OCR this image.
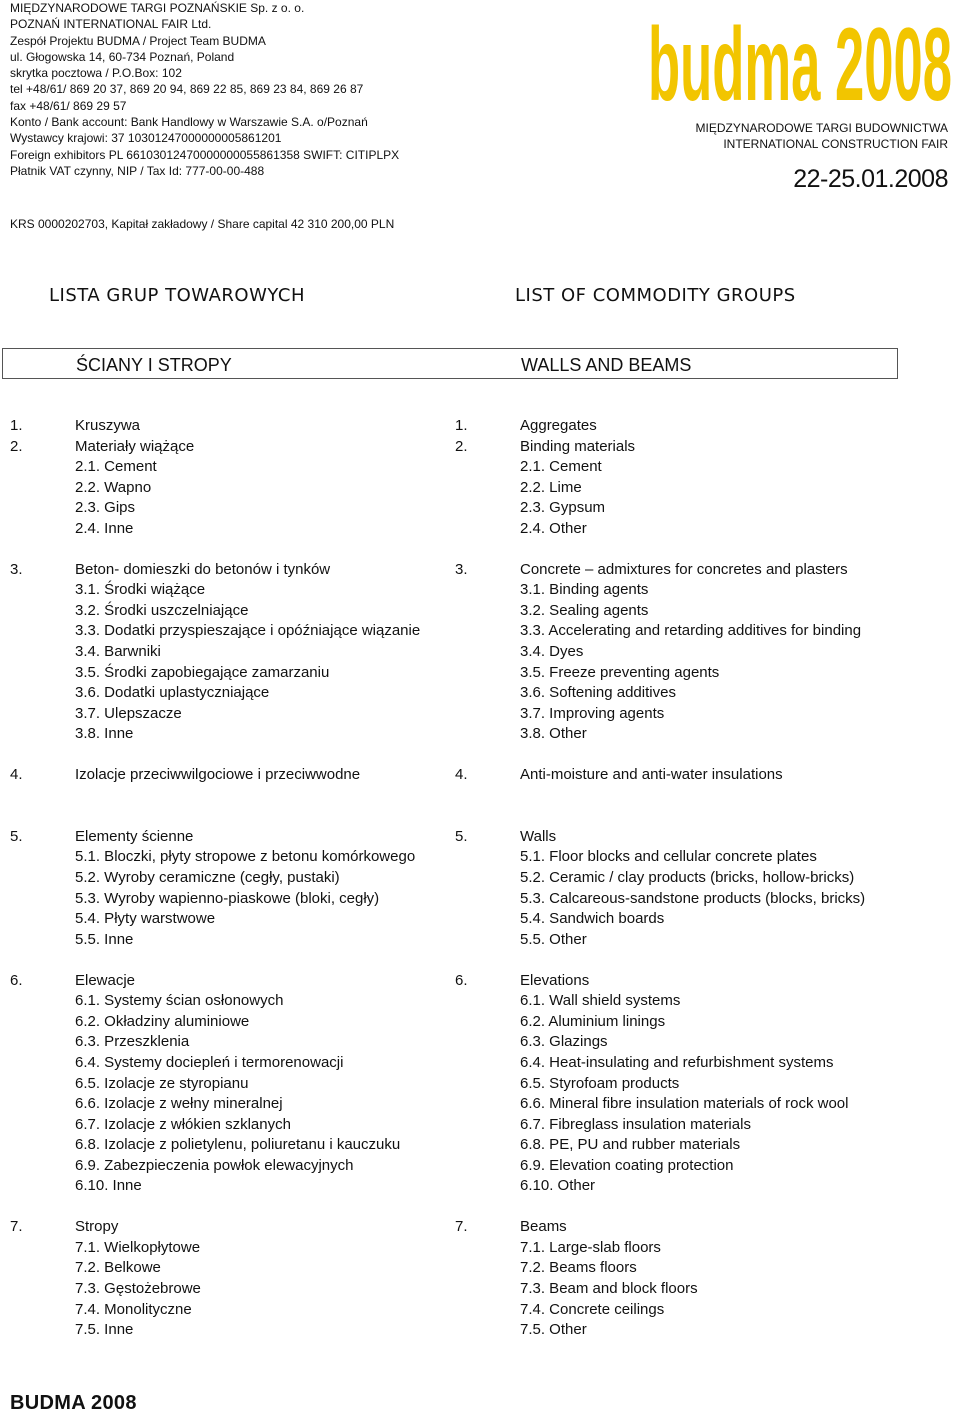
MIĘDZYNARODOWE TARGI POZNAŃSKIE Sp. z o. o.
POZNAŃ INTERNATIONAL FAIR Ltd.
Zespół Projektu BUDMA / Project Team BUDMA
ul. Głogowska 14, 60-734 Poznań, Poland
skrytka pocztowa / P.O.Box: 102
tel +48/61/ 869 20 37, 869 20 94, 869 22 85, 869 23 84, 869 26 87
fax +48/61/ 869 29 57
Konto / Bank account: Bank Handlowy w Warszawie S.A. o/Poznań
Wystawcy krajowi: 37 10301247000000005861201
Foreign exhibitors PL 66103012470000000055861358 SWIFT: CITIPLPX
Płatnik VAT czynny, NIP / Tax Id: 777-00-00-488
budma 2008
MIĘDZYNARODOWE TARGI BUDOWNICTWA
INTERNATIONAL CONSTRUCTION FAIR
22-25.01.2008
KRS 0000202703, Kapitał zakładowy / Share capital 42 310 200,00 PLN
LISTA GRUP TOWAROWYCH	LIST OF COMMODITY GROUPS
ŚCIANY I STROPY	WALLS AND BEAMS
1.	Kruszywa
2.	Materiały wiążące
2.1. Cement
2.2. Wapno
2.3. Gips
2.4. Inne
3.	Beton- domieszki do betonów i tynków
3.1. Środki wiążące
3.2. Środki uszczelniające
3.3. Dodatki przyspieszające i opóźniające wiązanie
3.4. Barwniki
3.5. Środki zapobiegające zamarzaniu
3.6. Dodatki uplastyczniające
3.7. Ulepszacze
3.8. Inne
4.	Izolacje przeciwwilgociowe i przeciwwodne
5.	Elementy ścienne
5.1. Bloczki, płyty stropowe z betonu komórkowego
5.2. Wyroby ceramiczne (cegły, pustaki)
5.3. Wyroby wapienno-piaskowe (bloki, cegły)
5.4. Płyty warstwowe
5.5. Inne
6.	Elewacje
6.1. Systemy ścian osłonowych
6.2. Okładziny aluminiowe
6.3. Przeszklenia
6.4. Systemy dociepleń i termorenowacji
6.5. Izolacje ze styropianu
6.6. Izolacje z wełny mineralnej
6.7. Izolacje z włókien szklanych
6.8. Izolacje z polietylenu, poliuretanu i kauczuku
6.9. Zabezpieczenia powłok elewacyjnych
6.10. Inne
7.	Stropy
7.1. Wielkopłytowe
7.2. Belkowe
7.3. Gęstożebrowe
7.4. Monolityczne
7.5. Inne
1.	Aggregates
2.	Binding materials
2.1. Cement
2.2. Lime
2.3. Gypsum
2.4. Other
3.	Concrete – admixtures for concretes and plasters
3.1. Binding agents
3.2. Sealing agents
3.3. Accelerating and retarding additives for binding
3.4. Dyes
3.5. Freeze preventing agents
3.6. Softening additives
3.7. Improving agents
3.8. Other
4.	Anti-moisture and anti-water insulations
5.	Walls
5.1. Floor blocks and cellular concrete plates
5.2. Ceramic / clay products (bricks, hollow-bricks)
5.3. Calcareous-sandstone products (blocks, bricks)
5.4. Sandwich boards
5.5. Other
6.	Elevations
6.1. Wall shield systems
6.2. Aluminium linings
6.3. Glazings
6.4. Heat-insulating and refurbishment systems
6.5. Styrofoam products
6.6. Mineral fibre insulation materials of rock wool
6.7. Fibreglass insulation materials
6.8. PE, PU and rubber materials
6.9. Elevation coating protection
6.10. Other
7.	Beams
7.1. Large-slab floors
7.2. Beams floors
7.3. Beam and block floors
7.4. Concrete ceilings
7.5. Other
BUDMA 2008
